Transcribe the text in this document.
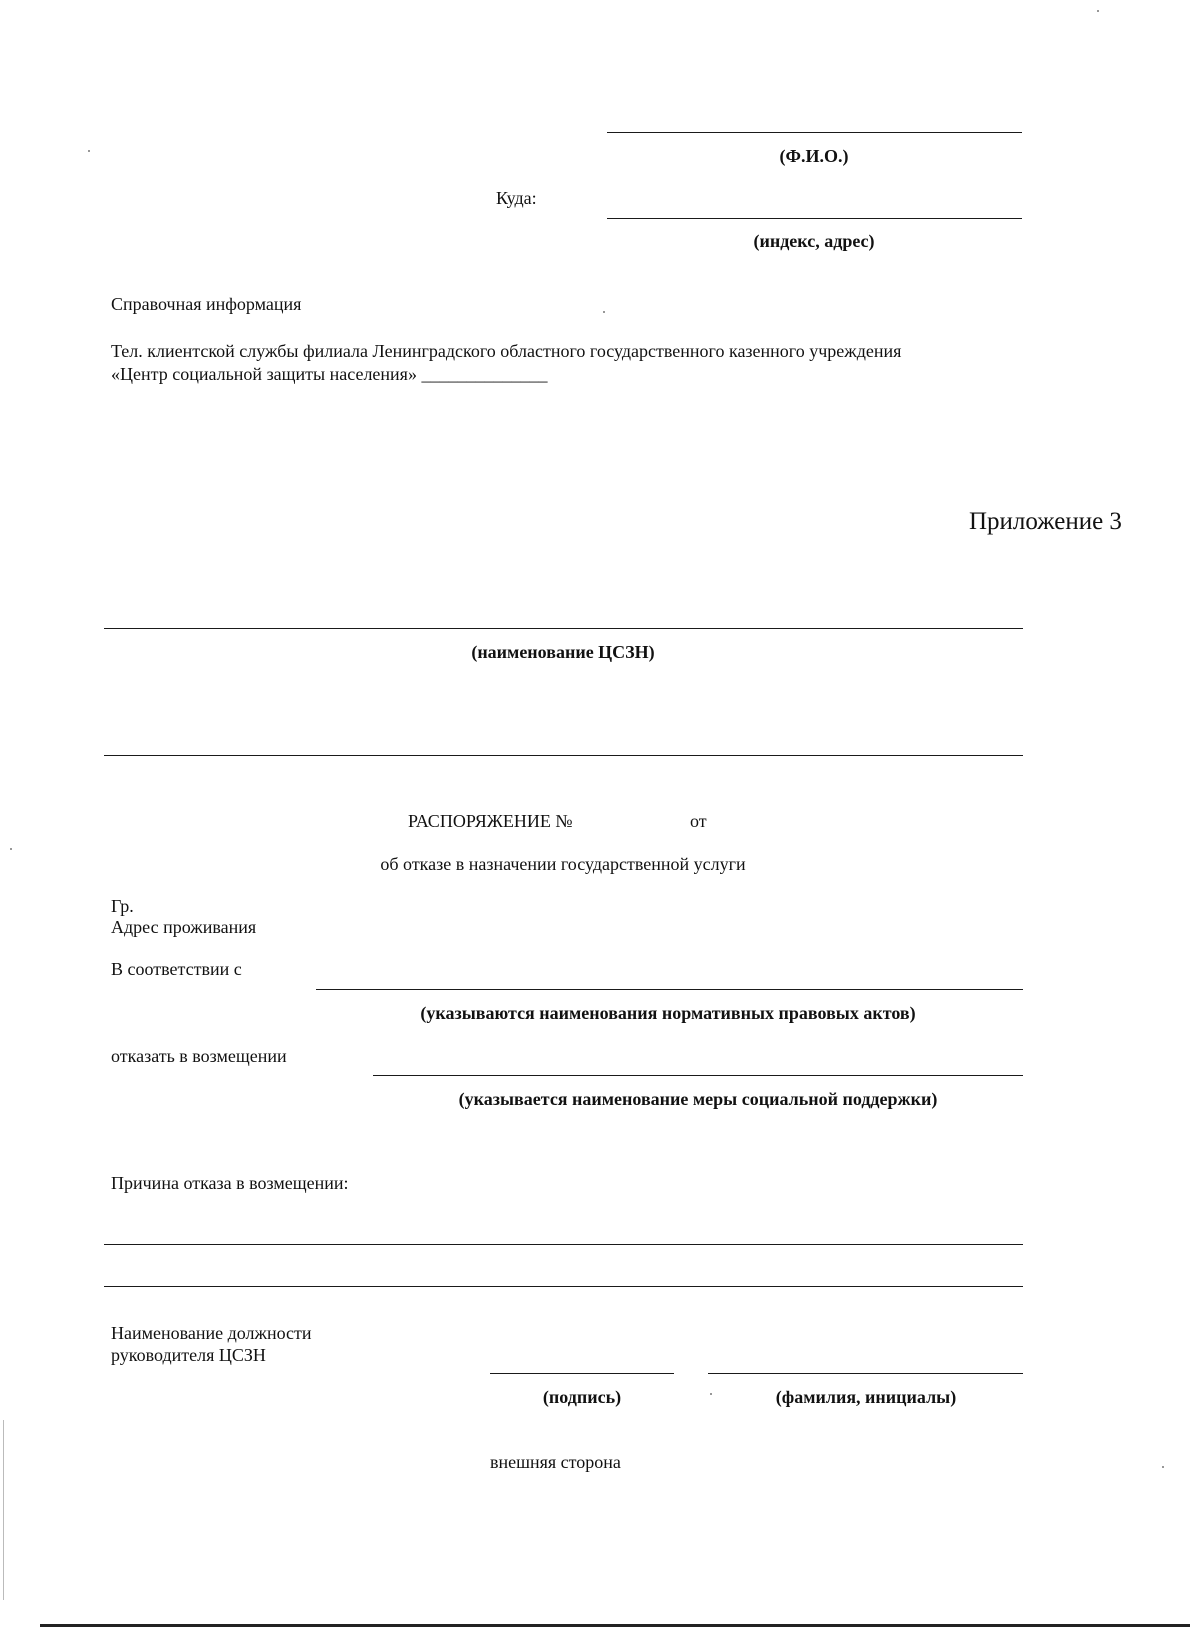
(Ф.И.О.)
Куда:
(индекс, адрес)
Справочная информация
Тел. клиентской службы филиала Ленинградского областного государственного казенного учреждения
«Центр социальной защиты населения» ______________
Приложение 3
(наименование ЦСЗН)
РАСПОРЯЖЕНИЕ №	от
об отказе в назначении государственной услуги
Гр.
Адрес проживания
В соответствии с
(указываются наименования нормативных правовых актов)
отказать в возмещении
(указывается наименование меры социальной поддержки)
Причина отказа в возмещении:
Наименование должности
руководителя ЦСЗН
(подпись)	(фамилия, инициалы)
внешняя сторона
